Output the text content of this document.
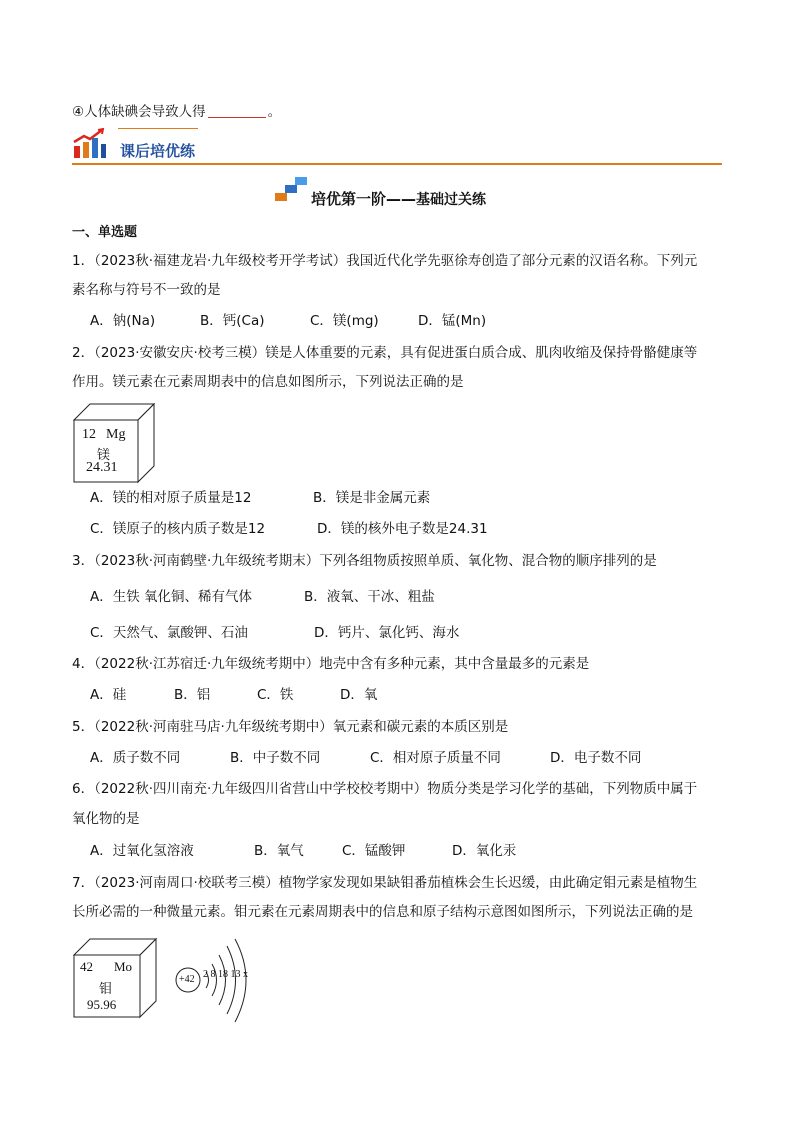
④人体缺碘会导致人得	。
课后培优练
培优第一阶——基础过关练
一、单选题
1．（2023秋·福建龙岩·九年级校考开学考试）我国近代化学先驱徐寿创造了部分元素的汉语名称。下列元
素名称与符号不一致的是
A．钠(Na)	B．钙(Ca)	C．镁(mg)	D．锰(Mn)
2．（2023·安徽安庆·校考三模）镁是人体重要的元素，具有促进蛋白质合成、肌肉收缩及保持骨骼健康等
作用。镁元素在元素周期表中的信息如图所示，下列说法正确的是
12 Mg
镁
24.31
A．镁的相对原子质量是12	B．镁是非金属元素
C．镁原子的核内质子数是12	D．镁的核外电子数是24.31
3．（2023秋·河南鹤壁·九年级统考期末）下列各组物质按照单质、氧化物、混合物的顺序排列的是
A．生铁 氧化铜、稀有气体	B．液氧、干冰、粗盐
C．天然气、氯酸钾、石油	D．钙片、氯化钙、海水
4．（2022秋·江苏宿迁·九年级统考期中）地壳中含有多种元素，其中含量最多的元素是
A．硅	B．铝	C．铁	D．氧
5．（2022秋·河南驻马店·九年级统考期中）氧元素和碳元素的本质区别是
A．质子数不同	B．中子数不同	C．相对原子质量不同	D．电子数不同
6．（2022秋·四川南充·九年级四川省营山中学校校考期中）物质分类是学习化学的基础，下列物质中属于
氧化物的是
A．过氧化氢溶液	B．氧气	C．锰酸钾	D．氧化汞
7．（2023·河南周口·校联考三模）植物学家发现如果缺钼番茄植株会生长迟缓，由此确定钼元素是植物生
长所必需的一种微量元素。钼元素在元素周期表中的信息和原子结构示意图如图所示，下列说法正确的是
42 Mo
钼
95.96
+42 2 8 18 13 x
